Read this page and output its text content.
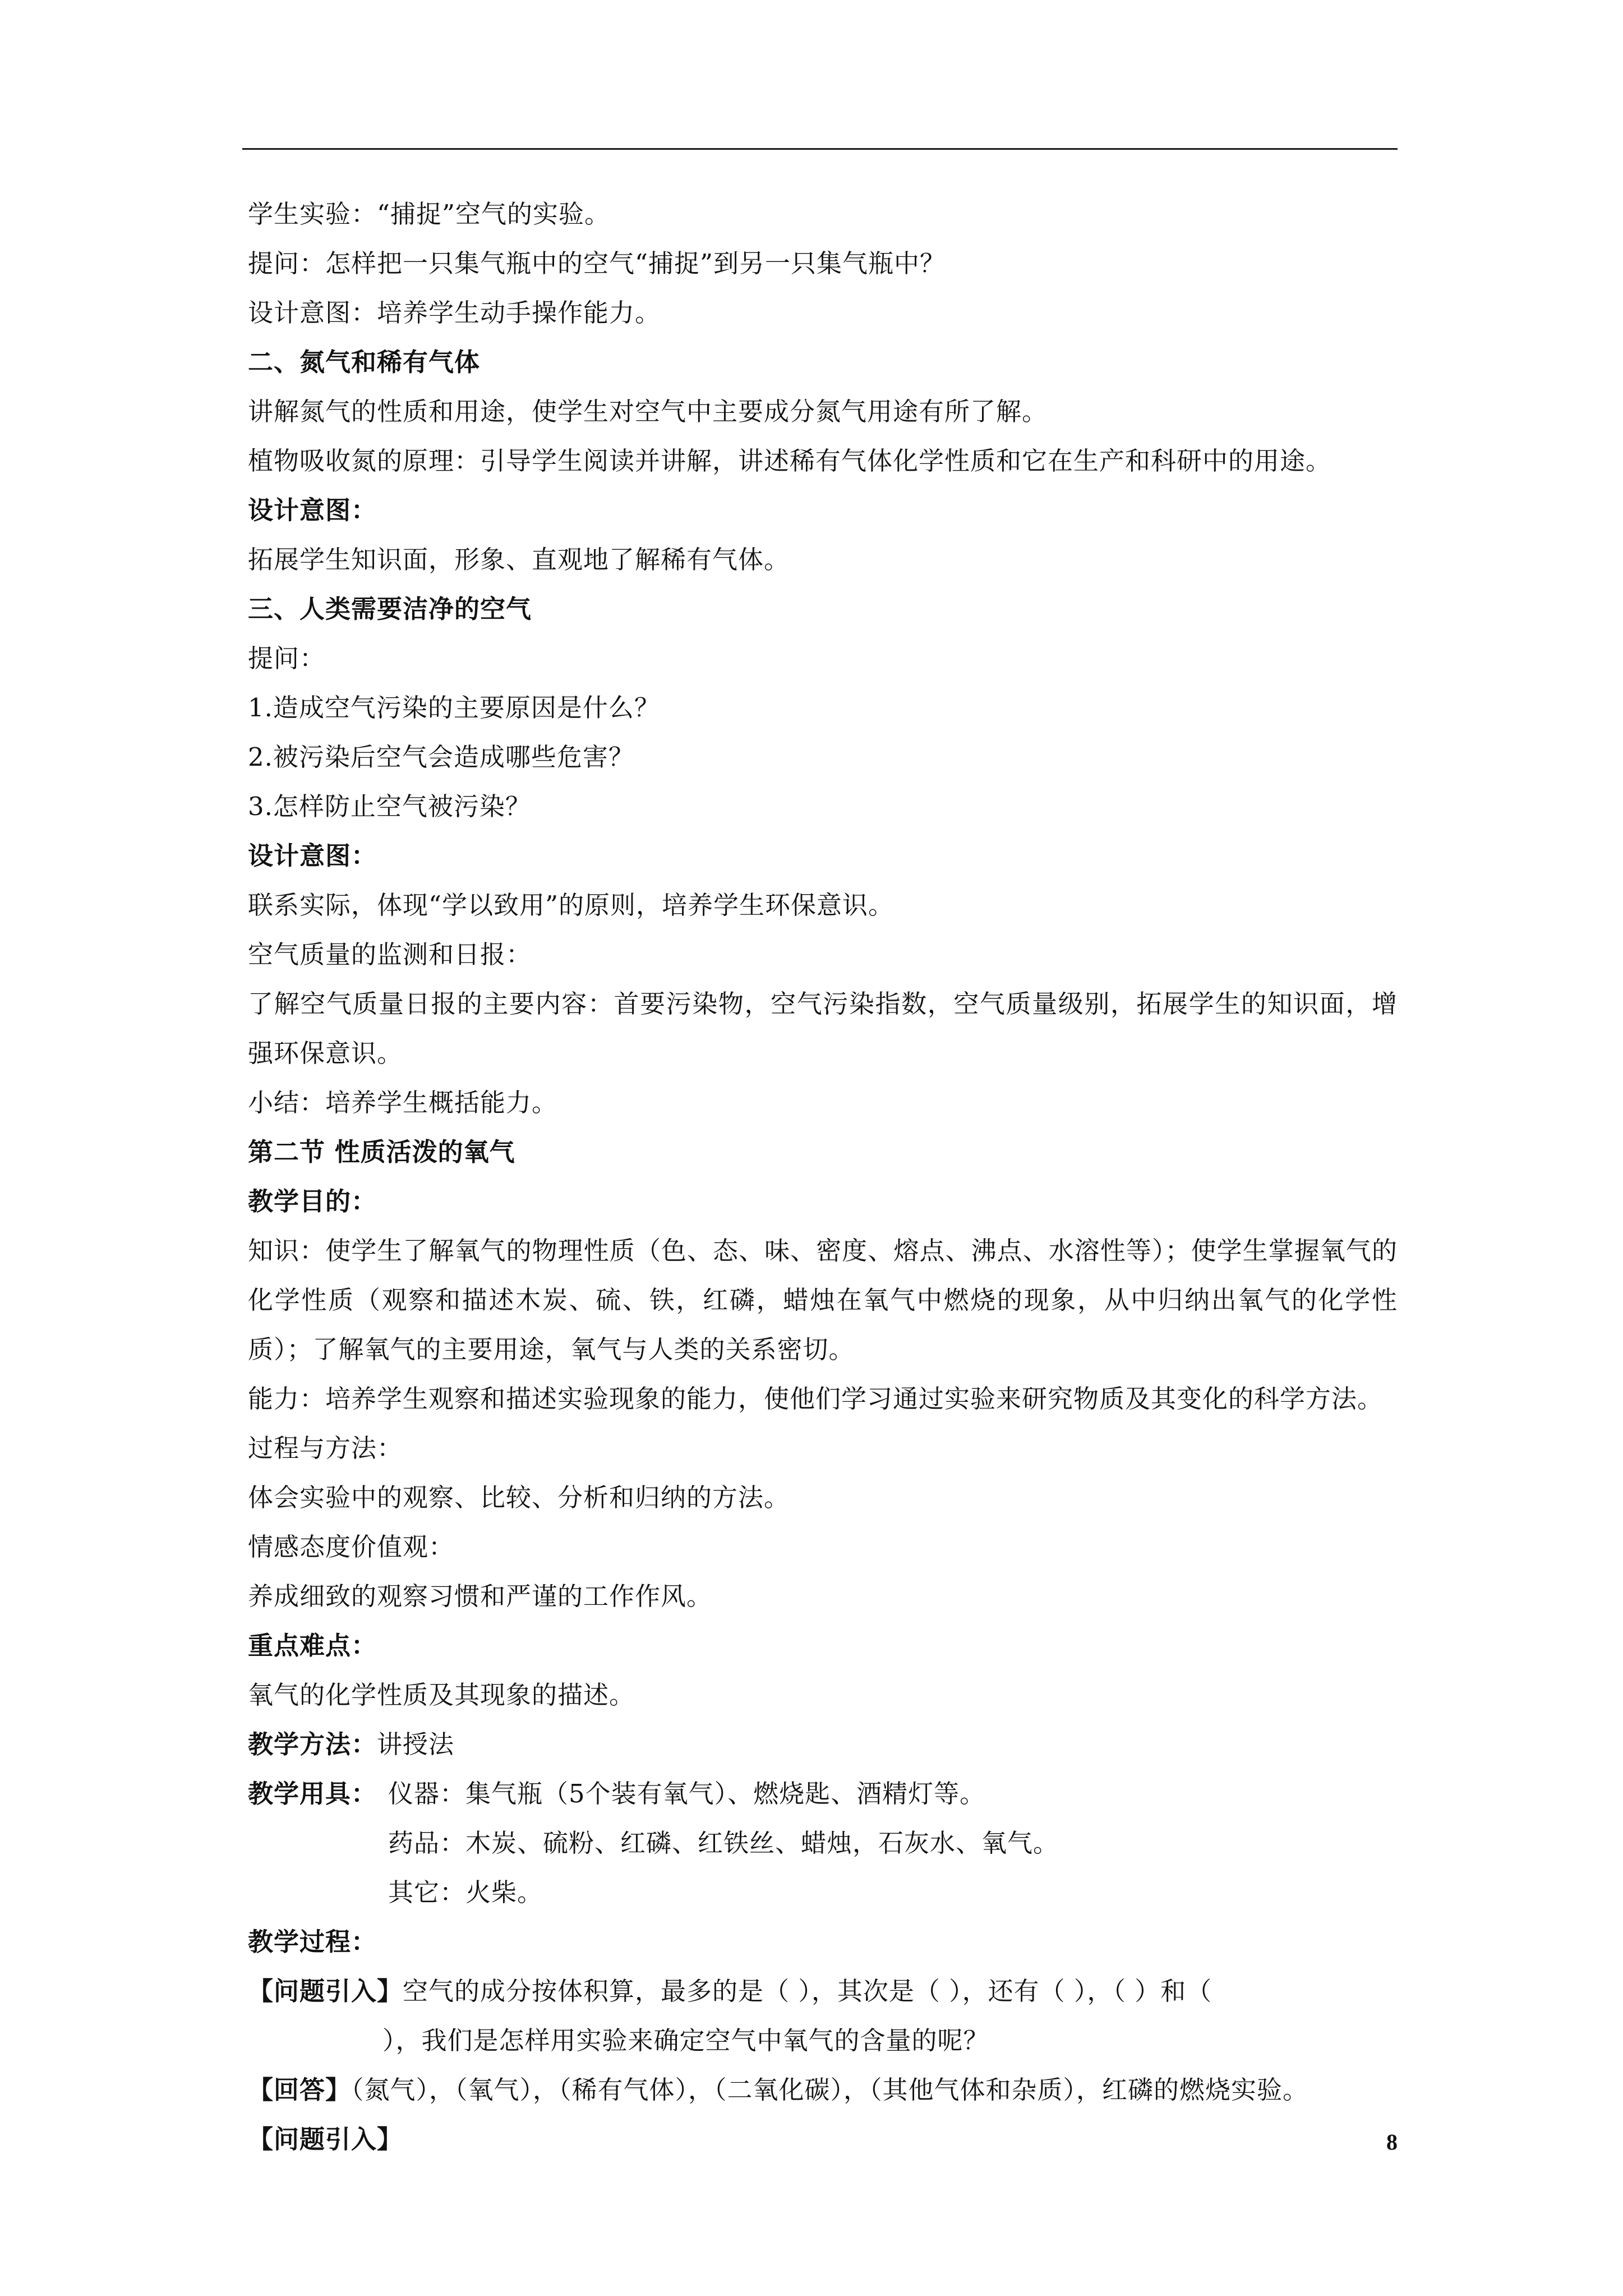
学生实验：“捕捉”空气的实验。
提问：怎样把一只集气瓶中的空气“捕捉”到另一只集气瓶中？
设计意图：培养学生动手操作能力。
二、氮气和稀有气体
讲解氮气的性质和用途，使学生对空气中主要成分氮气用途有所了解。
植物吸收氮的原理：引导学生阅读并讲解，讲述稀有气体化学性质和它在生产和科研中的用途。
设计意图：
拓展学生知识面，形象、直观地了解稀有气体。
三、人类需要洁净的空气
提问：
1.造成空气污染的主要原因是什么？
2.被污染后空气会造成哪些危害？
3.怎样防止空气被污染？
设计意图：
联系实际，体现“学以致用”的原则，培养学生环保意识。
空气质量的监测和日报：
了解空气质量日报的主要内容：首要污染物，空气污染指数，空气质量级别，拓展学生的知识面，增强环保意识。
小结：培养学生概括能力。
第二节 性质活泼的氧气
教学目的：
知识：使学生了解氧气的物理性质（色、态、味、密度、熔点、沸点、水溶性等）；使学生掌握氧气的化学性质（观察和描述木炭、硫、铁，红磷，蜡烛在氧气中燃烧的现象，从中归纳出氧气的化学性质）；了解氧气的主要用途，氧气与人类的关系密切。
能力：培养学生观察和描述实验现象的能力，使他们学习通过实验来研究物质及其变化的科学方法。
过程与方法：
体会实验中的观察、比较、分析和归纳的方法。
情感态度价值观：
养成细致的观察习惯和严谨的工作作风。
重点难点：
氧气的化学性质及其现象的描述。
教学方法：讲授法
教学用具： 仪器：集气瓶（5个装有氧气）、燃烧匙、酒精灯等。
药品：木炭、硫粉、红磷、红铁丝、蜡烛，石灰水、氧气。
其它：火柴。
教学过程：
【问题引入】空气的成分按体积算，最多的是（ ），其次是（ ），还有（ ），（ ）和（
），我们是怎样用实验来确定空气中氧气的含量的呢？
【回答】（氮气），（氧气），（稀有气体），（二氧化碳），（其他气体和杂质），红磷的燃烧实验。
【问题引入】	8
